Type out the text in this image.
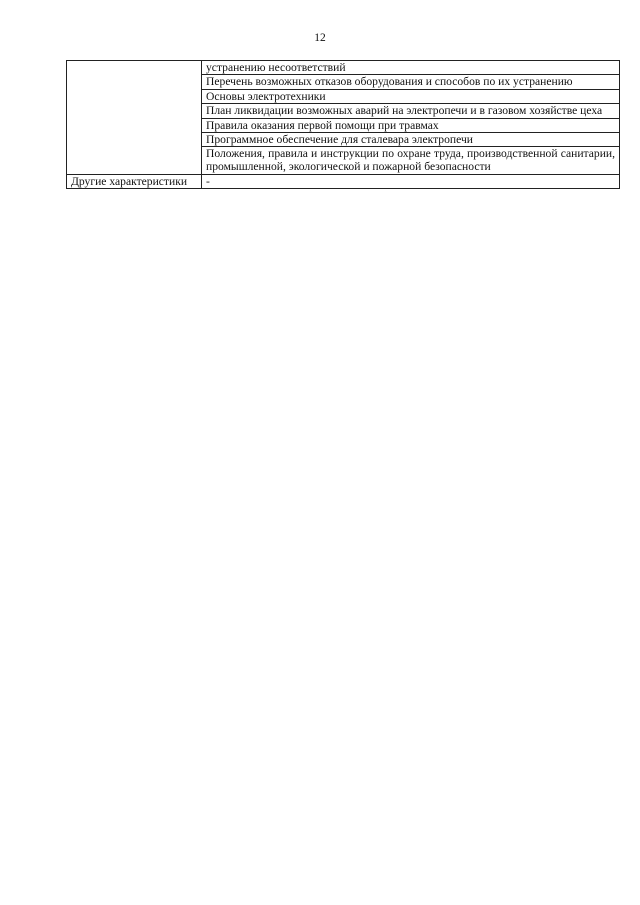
12
	устранению несоответствий
	Перечень возможных отказов оборудования и способов по их устранению
	Основы электротехники
	План ликвидации возможных аварий на электропечи и в газовом хозяйстве цеха
	Правила оказания первой помощи при травмах
	Программное обеспечение для сталевара электропечи
	Положения, правила и инструкции по охране труда, производственной санитарии, промышленной, экологической и пожарной безопасности
Другие характеристики	-
